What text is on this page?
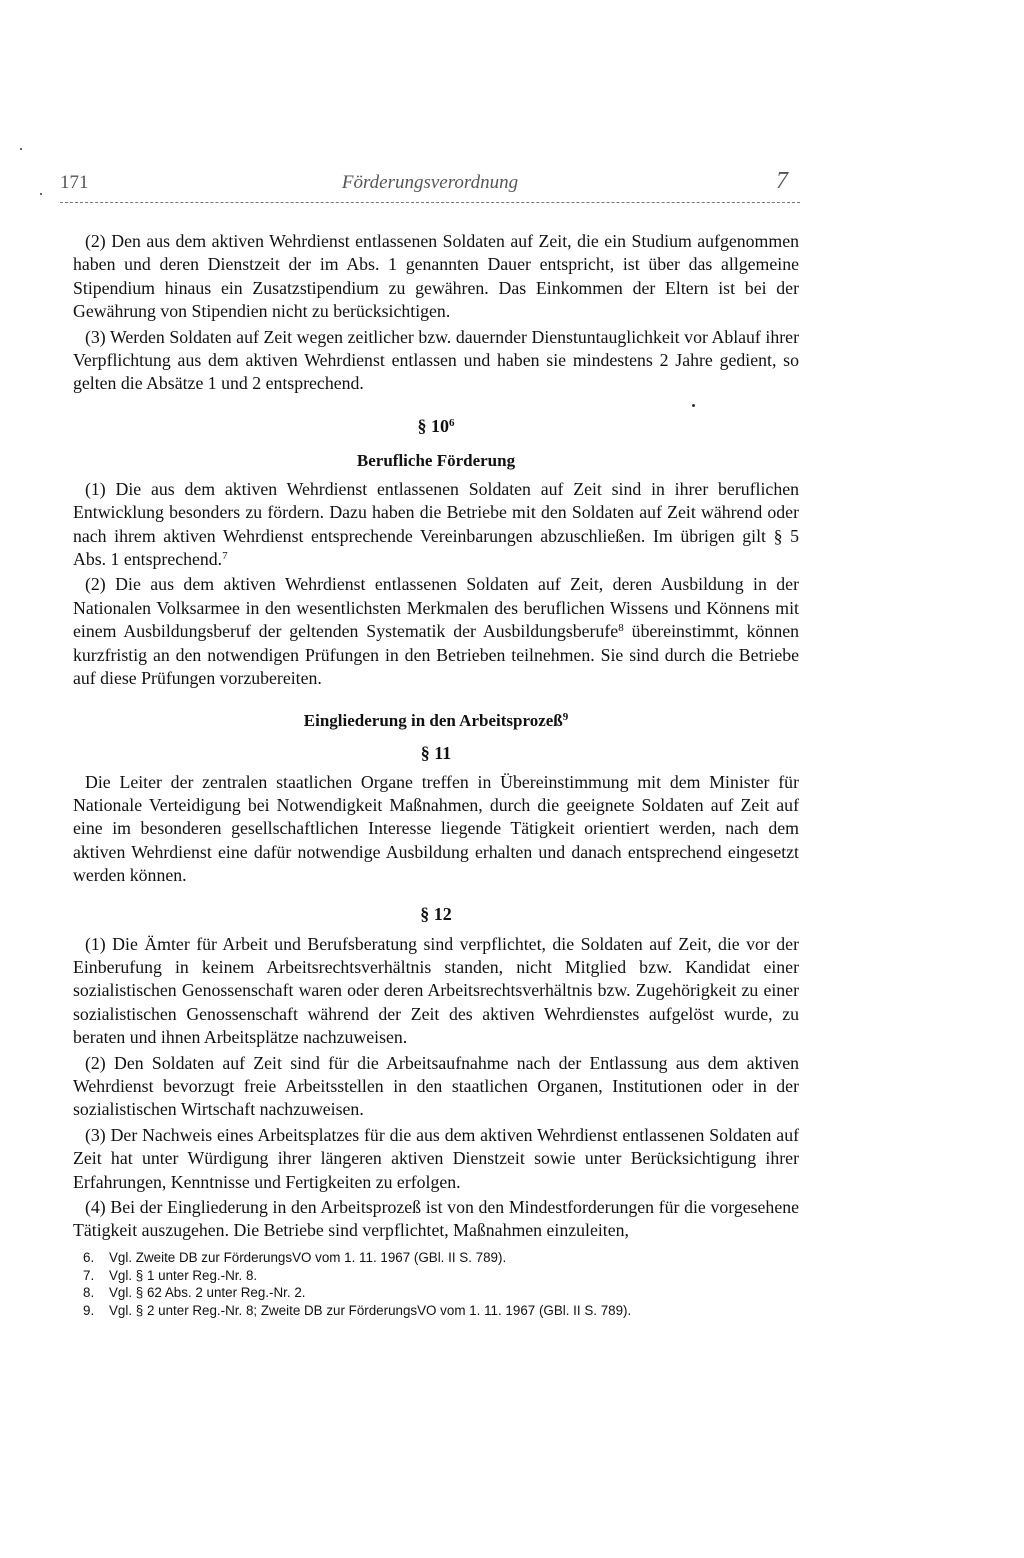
171	Förderungsverordnung	7

(2) Den aus dem aktiven Wehrdienst entlassenen Soldaten auf Zeit, die ein Studium aufgenommen haben und deren Dienstzeit der im Abs. 1 genannten Dauer entspricht, ist über das allgemeine Stipendium hinaus ein Zusatzstipendium zu gewähren. Das Einkommen der Eltern ist bei der Gewährung von Stipendien nicht zu berücksichtigen.

(3) Werden Soldaten auf Zeit wegen zeitlicher bzw. dauernder Dienstuntauglichkeit vor Ablauf ihrer Verpflichtung aus dem aktiven Wehrdienst entlassen und haben sie mindestens 2 Jahre gedient, so gelten die Absätze 1 und 2 entsprechend.

§ $10^6$
Berufliche Förderung

(1) Die aus dem aktiven Wehrdienst entlassenen Soldaten auf Zeit sind in ihrer beruflichen Entwicklung besonders zu fördern. Dazu haben die Betriebe mit den Soldaten auf Zeit während oder nach ihrem aktiven Wehrdienst entsprechende Vereinbarungen abzuschließen. Im übrigen gilt § 5 Abs. 1 entsprechend.$^7$

(2) Die aus dem aktiven Wehrdienst entlassenen Soldaten auf Zeit, deren Ausbildung in der Nationalen Volksarmee in den wesentlichsten Merkmalen des beruflichen Wissens und Könnens mit einem Ausbildungsberuf der geltenden Systematik der Ausbildungsberufe$^8$ übereinstimmt, können kurzfristig an den notwendigen Prüfungen in den Betrieben teilnehmen. Sie sind durch die Betriebe auf diese Prüfungen vorzubereiten.

Eingliederung in den Arbeitsprozeß$^9$
§ 11

Die Leiter der zentralen staatlichen Organe treffen in Übereinstimmung mit dem Minister für Nationale Verteidigung bei Notwendigkeit Maßnahmen, durch die geeignete Soldaten auf Zeit auf eine im besonderen gesellschaftlichen Interesse liegende Tätigkeit orientiert werden, nach dem aktiven Wehrdienst eine dafür notwendige Ausbildung erhalten und danach entsprechend eingesetzt werden können.

§ 12

(1) Die Ämter für Arbeit und Berufsberatung sind verpflichtet, die Soldaten auf Zeit, die vor der Einberufung in keinem Arbeitsrechtsverhältnis standen, nicht Mitglied bzw. Kandidat einer sozialistischen Genossenschaft waren oder deren Arbeitsrechtsverhältnis bzw. Zugehörigkeit zu einer sozialistischen Genossenschaft während der Zeit des aktiven Wehrdienstes aufgelöst wurde, zu beraten und ihnen Arbeitsplätze nachzuweisen.

(2) Den Soldaten auf Zeit sind für die Arbeitsaufnahme nach der Entlassung aus dem aktiven Wehrdienst bevorzugt freie Arbeitsstellen in den staatlichen Organen, Institutionen oder in der sozialistischen Wirtschaft nachzuweisen.

(3) Der Nachweis eines Arbeitsplatzes für die aus dem aktiven Wehrdienst entlassenen Soldaten auf Zeit hat unter Würdigung ihrer längeren aktiven Dienstzeit sowie unter Berücksichtigung ihrer Erfahrungen, Kenntnisse und Fertigkeiten zu erfolgen.

(4) Bei der Eingliederung in den Arbeitsprozeß ist von den Mindestforderungen für die vorgesehene Tätigkeit auszugehen. Die Betriebe sind verpflichtet, Maßnahmen einzuleiten,

6. Vgl. Zweite DB zur FörderungsVO vom 1. 11. 1967 (GBl. II S. 789).
7. Vgl. § 1 unter Reg.-Nr. 8.
8. Vgl. § 62 Abs. 2 unter Reg.-Nr. 2.
9. Vgl. § 2 unter Reg.-Nr. 8; Zweite DB zur FörderungsVO vom 1. 11. 1967 (GBl. II S. 789).
